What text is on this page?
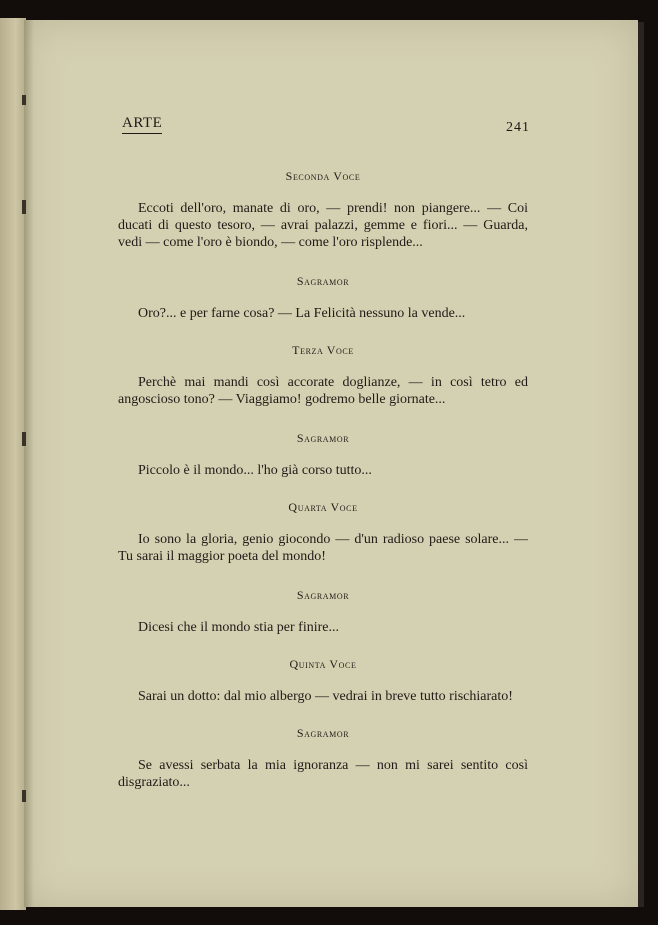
ARTE	241

Seconda Voce

Eccoti dell'oro, manate di oro, — prendi! non piangere... — Coi ducati di questo tesoro, — avrai palazzi, gemme e fiori... — Guarda, vedi — come l'oro è biondo, — come l'oro risplende...

Sagramor

Oro?... e per farne cosa? — La Felicità nessuno la vende...

Terza Voce

Perchè mai mandi così accorate doglianze, — in così tetro ed angoscioso tono? — Viaggiamo! godremo belle giornate...

Sagramor

Piccolo è il mondo... l'ho già corso tutto...

Quarta Voce

Io sono la gloria, genio giocondo — d'un radioso paese solare... — Tu sarai il maggior poeta del mondo!

Sagramor

Dicesi che il mondo stia per finire...

Quinta Voce

Sarai un dotto: dal mio albergo — vedrai in breve tutto rischiarato!

Sagramor

Se avessi serbata la mia ignoranza — non mi sarei sentito così disgraziato...
